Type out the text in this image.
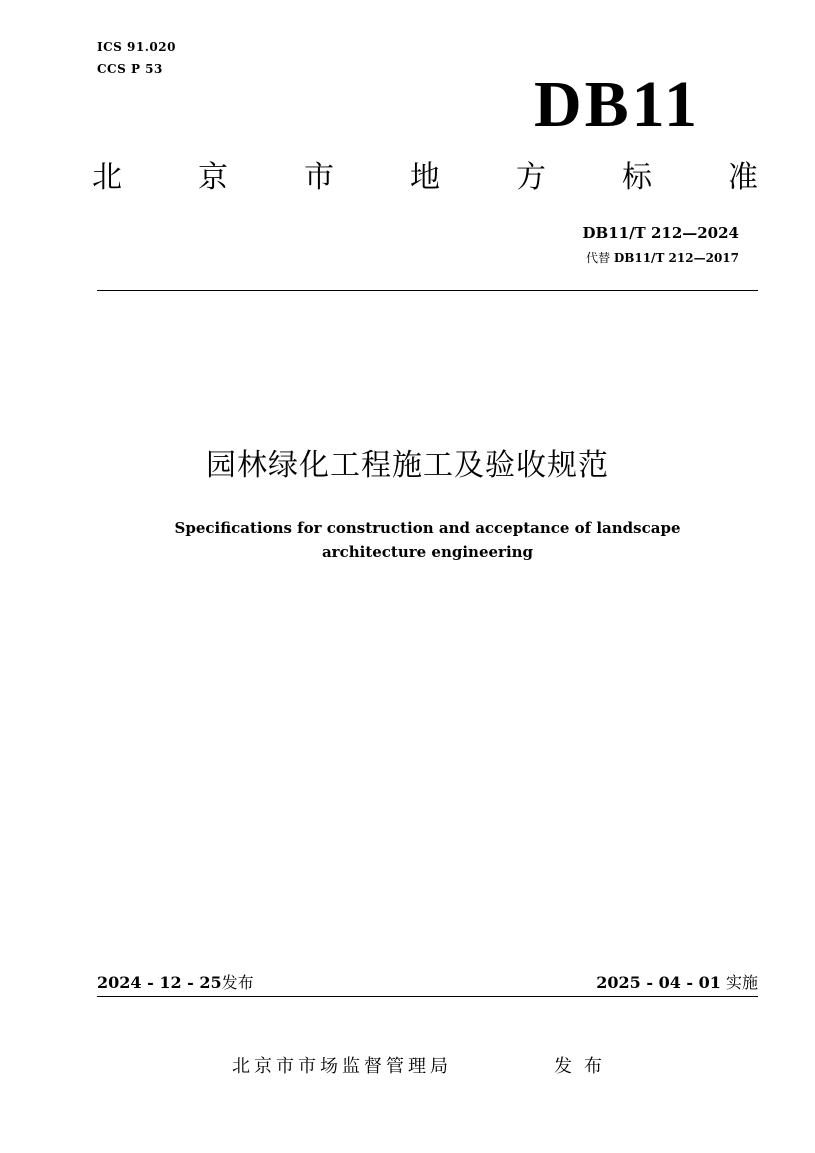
ICS 91.020
CCS P 53	DB11
北	京	市	地	方	标	准
DB11/T 212—2024
代替 DB11/T 212—2017
园林绿化工程施工及验收规范
Specifications for construction and acceptance of landscape
architecture engineering
2024 - 12 - 25发布	2025 - 04 - 01 实施
北京市市场监督管理局	发布
